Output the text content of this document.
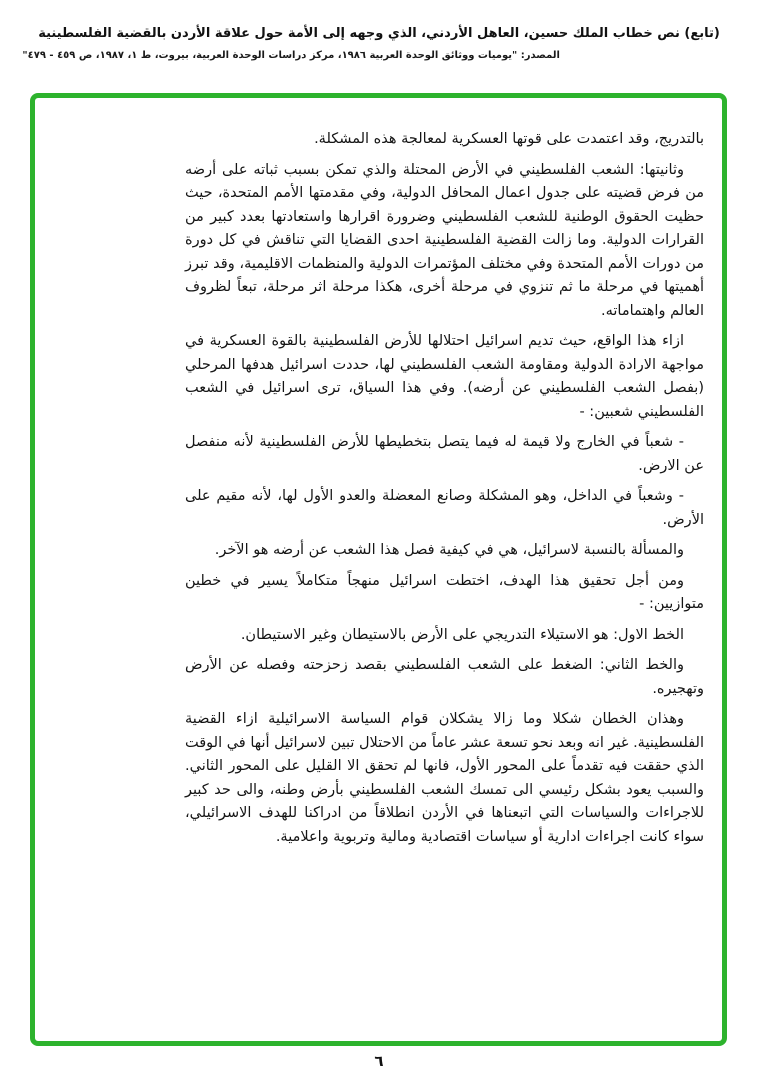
(تابع) نص خطاب الملك حسين، العاهل الأردني، الذي وجهه إلى الأمة حول علاقة الأردن بالقضية الفلسطينية
المصدر: "يوميات ووثائق الوحدة العربية ١٩٨٦، مركز دراسات الوحدة العربية، بيروت، ط ١، ١٩٨٧، ص ٤٥٩ - ٤٧٩"

بالتدريج، وقد اعتمدت على قوتها العسكرية لمعالجة هذه المشكلة.

وثانيتها: الشعب الفلسطيني في الأرض المحتلة والذي تمكن بسبب ثباته على أرضه من فرض قضيته على جدول اعمال المحافل الدولية، وفي مقدمتها الأمم المتحدة، حيث حظيت الحقوق الوطنية للشعب الفلسطيني وضرورة اقرارها واستعادتها بعدد كبير من القرارات الدولية. وما زالت القضية الفلسطينية احدى القضايا التي تناقش في كل دورة من دورات الأمم المتحدة وفي مختلف المؤتمرات الدولية والمنظمات الاقليمية، وقد تبرز أهميتها في مرحلة ما ثم تنزوي في مرحلة أخرى، هكذا مرحلة اثر مرحلة، تبعاً لظروف العالم واهتماماته.

ازاء هذا الواقع، حيث تديم اسرائيل احتلالها للأرض الفلسطينية بالقوة العسكرية في مواجهة الارادة الدولية ومقاومة الشعب الفلسطيني لها، حددت اسرائيل هدفها المرحلي (بفصل الشعب الفلسطيني عن أرضه). وفي هذا السياق، ترى اسرائيل في الشعب الفلسطيني شعبين: -

- شعباً في الخارج ولا قيمة له فيما يتصل بتخطيطها للأرض الفلسطينية لأنه منفصل عن الارض.

- وشعباً في الداخل، وهو المشكلة وصانع المعضلة والعدو الأول لها، لأنه مقيم على الأرض.

والمسألة بالنسبة لاسرائيل، هي في كيفية فصل هذا الشعب عن أرضه هو الآخر.

ومن أجل تحقيق هذا الهدف، اختطت اسرائيل منهجاً متكاملاً يسير في خطين متوازيين: -

الخط الاول: هو الاستيلاء التدريجي على الأرض بالاستيطان وغير الاستيطان.

والخط الثاني: الضغط على الشعب الفلسطيني بقصد زحزحته وفصله عن الأرض وتهجيره.

وهذان الخطان شكلا وما زالا يشكلان قوام السياسة الاسرائيلية ازاء القضية الفلسطينية. غير انه وبعد نحو تسعة عشر عاماً من الاحتلال تبين لاسرائيل أنها في الوقت الذي حققت فيه تقدماً على المحور الأول، فانها لم تحقق الا القليل على المحور الثاني. والسبب يعود بشكل رئيسي الى تمسك الشعب الفلسطيني بأرض وطنه، والى حد كبير للاجراءات والسياسات التي اتبعناها في الأردن انطلاقاً من ادراكنا للهدف الاسرائيلي، سواء كانت اجراءات ادارية أو سياسات اقتصادية ومالية وتربوية واعلامية.

٦
